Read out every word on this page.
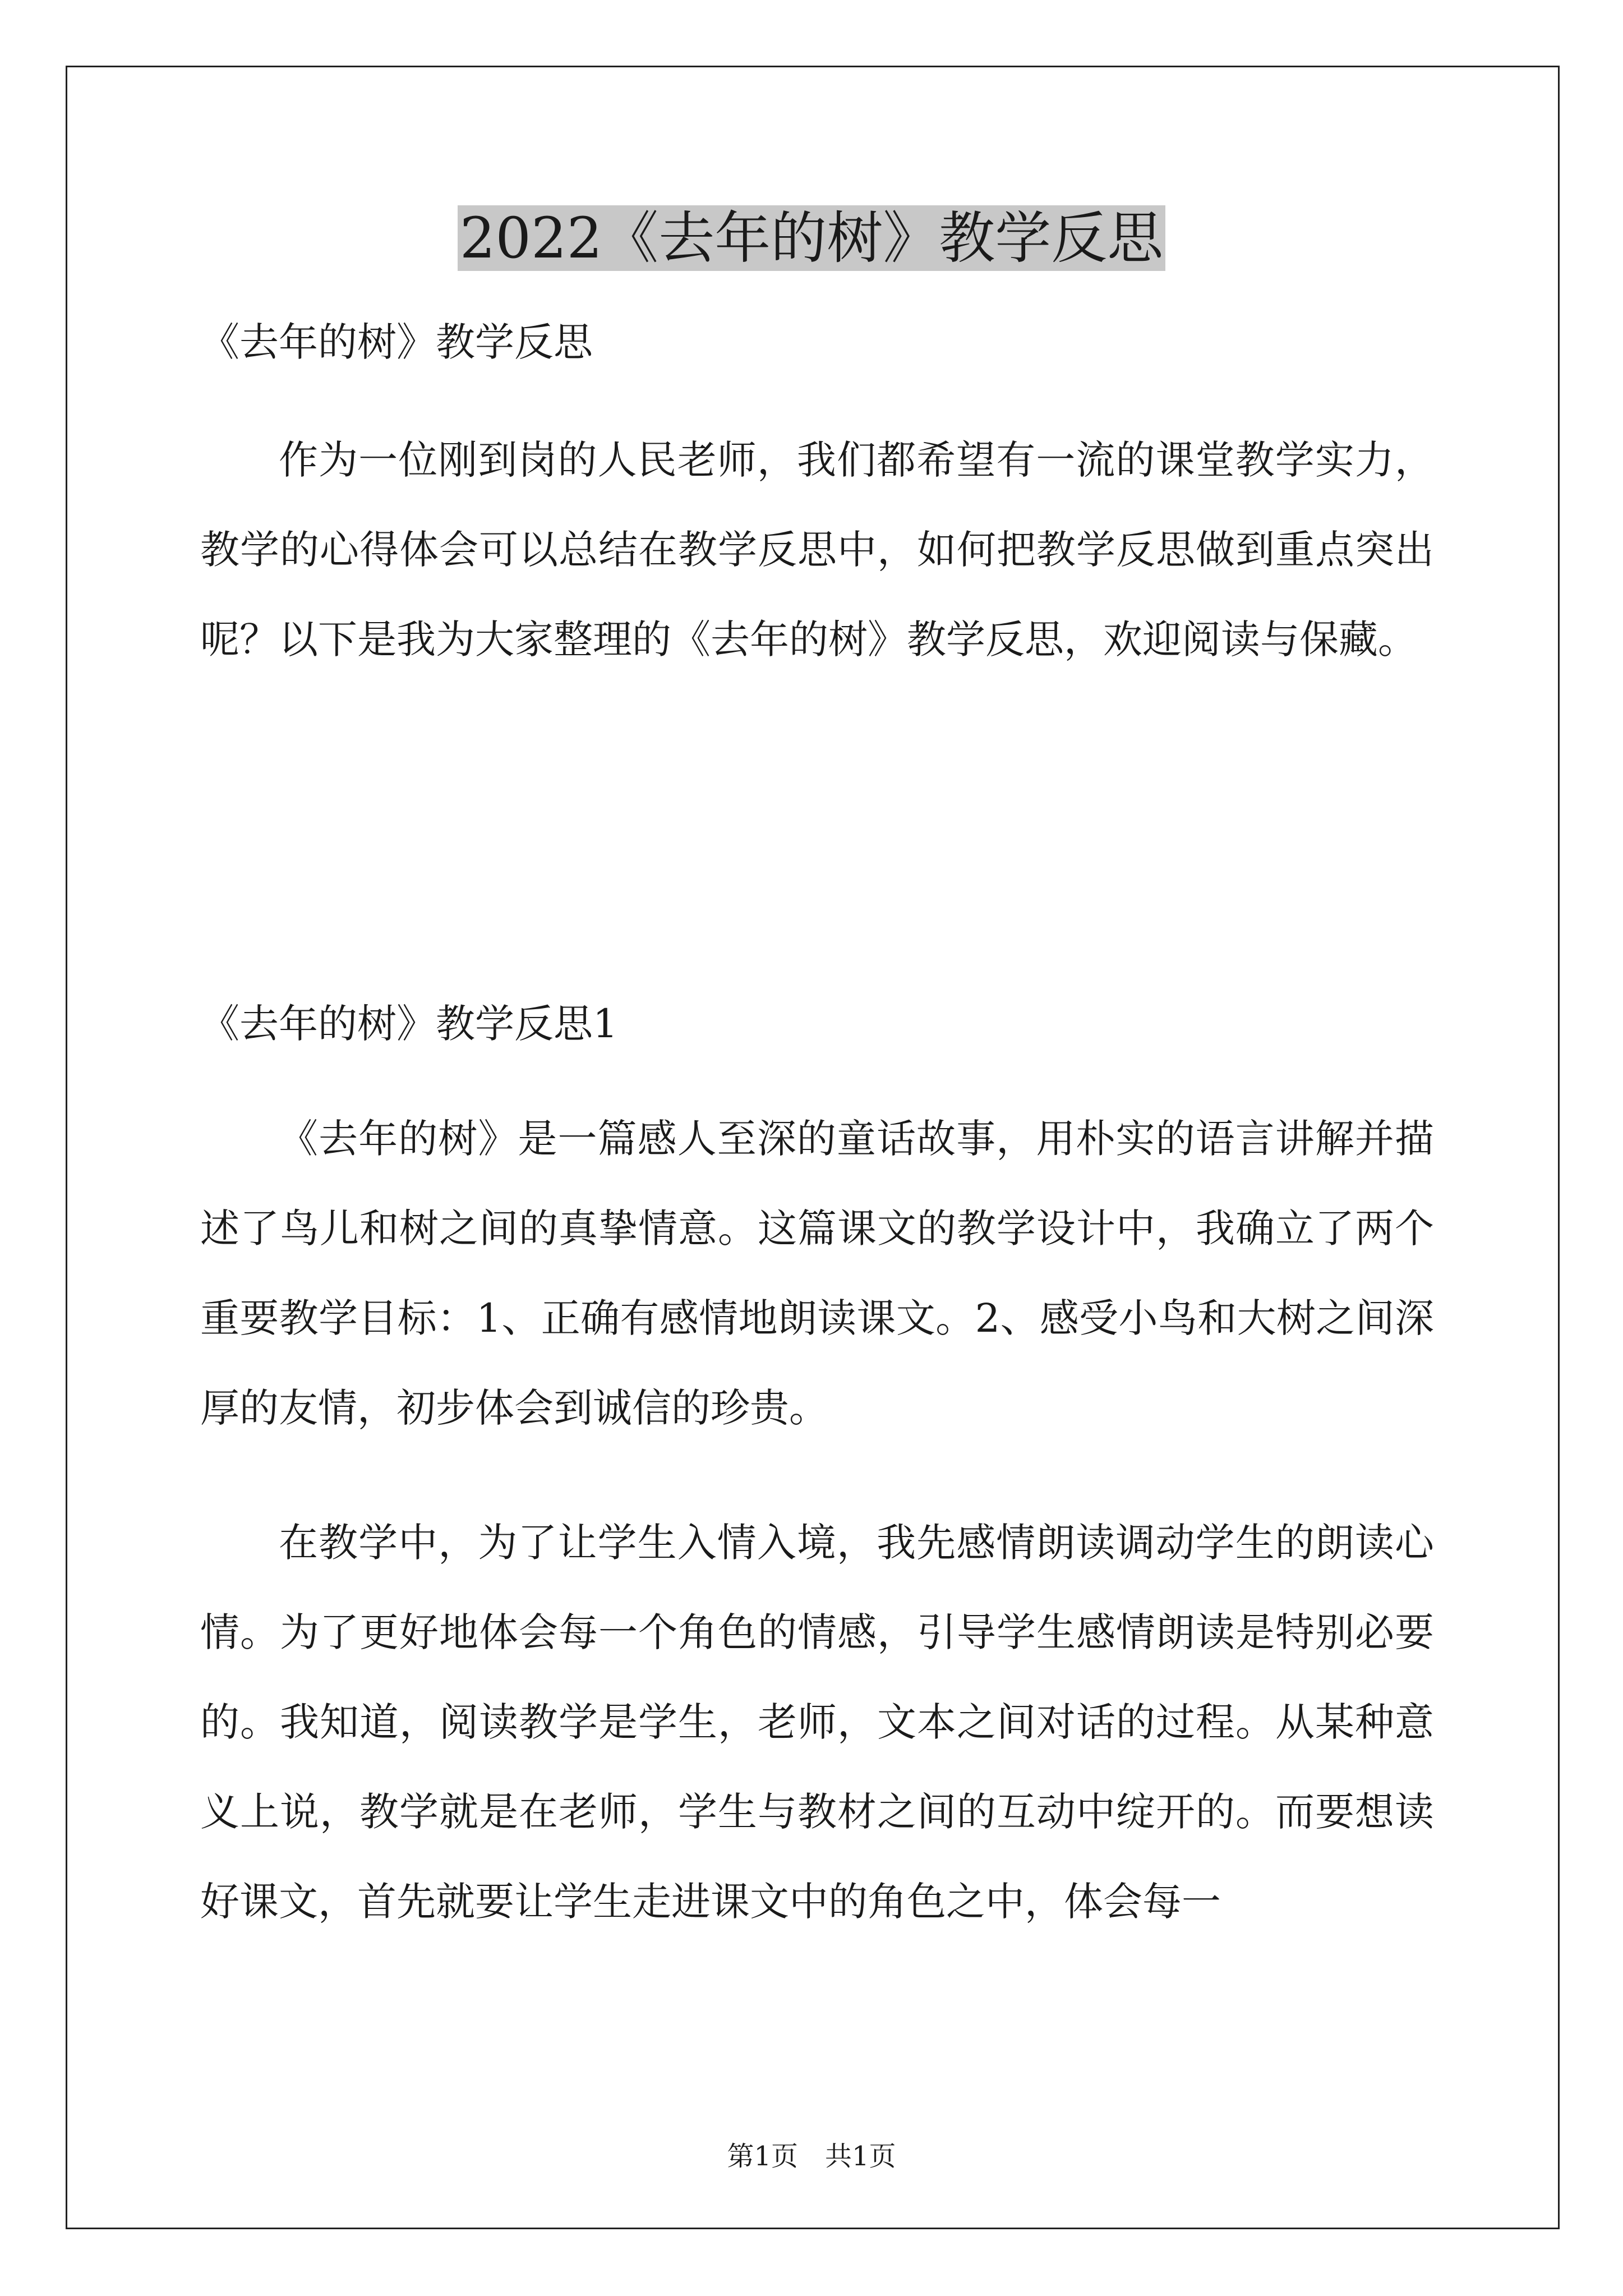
2022《去年的树》教学反思

《去年的树》教学反思

作为一位刚到岗的人民老师，我们都希望有一流的课堂教学实力，教学的心得体会可以总结在教学反思中，如何把教学反思做到重点突出呢？以下是我为大家整理的《去年的树》教学反思，欢迎阅读与保藏。

《去年的树》教学反思1

《去年的树》是一篇感人至深的童话故事，用朴实的语言讲解并描述了鸟儿和树之间的真挚情意。这篇课文的教学设计中，我确立了两个重要教学目标：1、正确有感情地朗读课文。2、感受小鸟和大树之间深厚的友情，初步体会到诚信的珍贵。

在教学中，为了让学生入情入境，我先感情朗读调动学生的朗读心情。为了更好地体会每一个角色的情感，引导学生感情朗读是特别必要的。我知道，阅读教学是学生，老师，文本之间对话的过程。从某种意义上说，教学就是在老师，学生与教材之间的互动中绽开的。而要想读好课文，首先就要让学生走进课文中的角色之中，体会每一

第1页　共1页
